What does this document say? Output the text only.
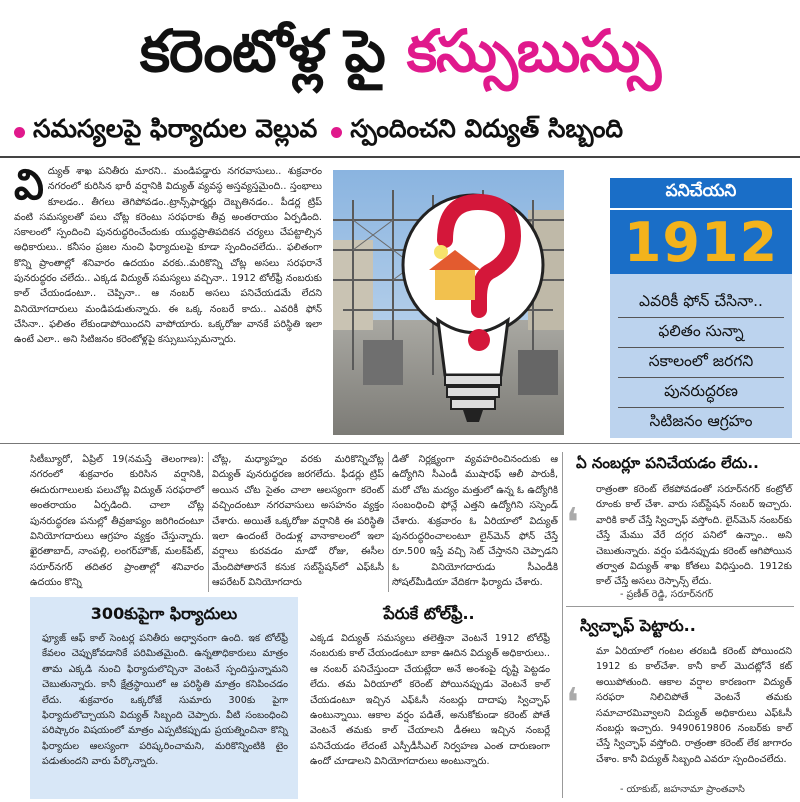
కరెంటోళ్ల పై కస్సుబుస్సు
సమస్యలపై ఫిర్యాదుల వెల్లువ స్పందించని విద్యుత్ సిబ్బంది
వి ద్యుత్ శాఖ పనితీరు మారని.. మండిపడ్డారు నగరవాసులు.. శుక్రవారం నగరంలో కురిసిన భారీ వర్షానికి విద్యుత్ వ్యవస్థ అస్తవ్యస్తమైంది.. స్తంభాలు కూలడం.. తీగలు తెగిపోవడం..ట్రాన్స్‌ఫార్మర్లు దెబ్బతినడం.. పీడర్ల ట్రిప్ వంటి సమస్యలతో పలు చోట్ల కరెంటు సరఫరాకు తీవ్ర అంతరాయం ఏర్పడింది. సకాలంలో స్పందించి పునరుద్ధరించేందుకు యుద్ధప్రాతిపదికన చర్యలు చేపట్టాల్సిన అధికారులు.. కనీసం ప్రజల నుంచి ఫిర్యాదులపై కూడా స్పందించలేదు.. ఫలితంగా కొన్ని ప్రాంతాల్లో శనివారం ఉదయం వరకు..మరికొన్ని చోట్ల అసలు సరఫరానే పునరుద్ధరం చలేదు.. ఎక్కడ విద్యుత్ సమస్యలు వచ్చినా.. 1912 టోల్‌ఫ్రీ నంబరుకు కాల్ చేయండంటూ.. చెప్పినా.. ఆ నంబర్ అసలు పనిచేయడమే లేదని వినియోగదారులు మండిపడుతున్నారు. ఈ ఒక్క నంబరే కాదు.. ఎవరికీ ఫోన్ చేసినా.. ఫలితం లేకుండాపోయిందని వాపోయారు. ఒక్కరోజు వానకే పరిస్థితి ఇలా ఉంటే ఎలా.. అని సిటిజనం కరెంటోళ్లపై కస్సుబుస్సుమన్నారు.
పనిచేయని
1912
ఎవరికీ ఫోన్ చేసినా..
ఫలితం సున్నా
సకాలంలో జరగని
పునరుద్ధరణ
సిటిజనం ఆగ్రహం
సిటీబ్యూరో, ఏప్రిల్ 19(నమస్తే తెలంగాణ): నగరంలో శుక్రవారం కురిసిన వర్షానికి, ఈదురుగాలులకు పలుచోట్ల విద్యుత్ సరఫరాలో అంతరాయం ఏర్పడింది. చాలా చోట్ల పునరుద్ధరణ పనుల్లో తీవ్రజాప్యం జరిగిందంటూ వినియోగదారులు ఆగ్రహం వ్యక్తం చేస్తున్నారు. ఖైరతాబాద్, నాంపల్లి, లంగర్‌హౌజ్, మలక్‌పేట్, సరూర్‌నగర్ తదితర ప్రాంతాల్లో శనివారం ఉదయం కొన్ని
చోట్ల, మధ్యాహ్నం వరకు మరికొన్నిచోట్ల విద్యుత్ పునరుద్ధరణ జరగలేదు. ఫీడర్లు ట్రిప్ అయిన చోట సైతం చాలా ఆలస్యంగా కరెంట్ వచ్చిందంటూ నగరవాసులు అసహనం వ్యక్తం చేశారు. అయితే ఒక్కరోజు వర్షానికి ఈ పరిస్థితి ఇలా ఉందంటే రెండుళ్ల వానాకాలంలో ఇలా వర్షాలు కురవడం మాడో రోజు, ఈసీల మేందిపోతారనే కనుక సబ్‌స్టేషన్‌లో ఎఫ్ఓసీ ఆపరేటర్ వినియోగదారు
డితో నిర్లక్ష్యంగా వ్యవహరించినందుకు ఆ ఉద్యోగిని సీఎండీ ముషారఫ్ ఆలీ పారుకీ, మరో చోట మద్యం మత్తులో ఉన్న ఓ ఉద్యోగికి సంబంధించి ఫోన్లే ఎత్తని ఉద్యోగిని సస్పెండ్ చేశారు. శుక్రవారం ఓ ఏరియాలో విద్యుత్ పునరుద్ధరించాలంటూ లైన్‌మెన్ ఫోన్ చేస్తే రూ.500 ఇస్తే వచ్చి సెట్ చేస్తానని చెప్పాడని ఓ వినియోగదారుడు సీఎండీకి సోషల్‌మీడియా వేదికగా ఫిర్యాదు చేశారు.
ఏ నంబర్లూ పనిచేయడం లేదు..
❛
రాత్రంతా కరెంట్ లేకపోవడంతో సరూర్‌నగర్ కంట్రోల్ రూంకు కాల్ చేశా. వారు సబ్‌స్టేషన్ నంబర్ ఇచ్చారు. వారికి కాల్ చేస్తే స్విచ్ఛాఫ్ వస్తోంది. లైన్‌మెన్ నంబర్‌కు చేస్తే మేము వేరే దగ్గర పనిలో ఉన్నాం.. అని చెబుతున్నారు. వర్షం పడినప్పుడు కరెంట్ ఆగిపోయిన తర్వాత విద్యుత్ శాఖ కోతలు విధిస్తుంది. 1912కు కాల్ చేస్తే అసలు రెస్పాన్స్ లేదు.
- ప్రణీత్ రెడ్డి, సరూర్‌నగర్
స్విచ్ఛాఫ్ పెట్టారు..
❛
మా ఏరియాలో గంటల తరబడి కరెంట్ పోయిందని 1912 కు కాల్‌చేశా. కానీ కాల్ మొదట్లోనే కట్ అయిపోతుంది. ఆకాల వర్షాల కారణంగా విద్యుత్ సరఫరా నిలిచిపోతే వెంటనే తమకు సమాచారమివ్వాలని విద్యుత్ అధికారులు ఎఫ్ఓసీ నంబర్లు ఇచ్చారు. 9490619806 నంబర్‌కు కాల్ చేస్తే స్విచ్ఛాఫ్ వస్తోంది. రాత్రంతా కరెంట్ లేక జాగారం చేశాం. కానీ విద్యుత్ సిబ్బంది ఎవరూ స్పందించలేదు.
- యాకుబ్, జహనామా ప్రాంతవాసి
300కుపైగా ఫిర్యాదులు
ఫ్యూజ్ ఆఫ్ కాల్ సెంటర్ల పనితీరు అధ్వానంగా ఉంది. ఇక టోల్‌ఫ్రీ కేవలం చెప్పుకోవడానికే పరిమితమైంది. ఉన్నతాధికారులు మాత్రం తామ ఎక్కడి నుంచి ఫిర్యాదులొచ్చినా వెంటనే స్పందిస్తున్నామని చెబుతున్నారు. కానీ క్షేత్రస్థాయిలో ఆ పరిస్థితి మాత్రం కనిపించడం లేదు. శుక్రవారం ఒక్కరోజే సుమారు 300కు పైగా ఫిర్యాదులొచ్చాయని విద్యుత్ సిబ్బంది చెప్పారు. వీటి సంబంధించి పరిష్కారం విషయంలో మాత్రం ఎప్పటికప్పుడు ప్రయత్నించినా కొన్ని ఫిర్యాదుల ఆలస్యంగా పరిష్కరించామని, మరికొన్నింటికి టైం పడుతుందని వారు పేర్కొన్నారు.
పేరుకే టోల్‌ఫ్రీ..
ఎక్కడ విద్యుత్ సమస్యలు తలెత్తినా వెంటనే 1912 టోల్‌ఫ్రీ నంబరుకు కాల్ చేయండంటూ బాకా ఊదిన విద్యుత్ అధికారులు.. ఆ నంబర్ పనిచేస్తుందా చేయట్లేదా అనే అంశంపై దృష్టి పెట్టడం లేదు. తమ ఏరియాలో కరెంట్ పోయినప్పుడు వెంటనే కాల్ చేయడంటూ ఇచ్చిన ఎఫ్ఓసీ నంబర్లు దాదాపు స్విచ్ఛాఫ్ ఉంటున్నాయి. ఆకాల వర్షం పడితే, అనుకోకుండా కరెంట్ పోతే వెంటనే తమకు కాల్ చేయాలని డీఈలు ఇచ్చిన నంబర్లే పనిచేయడం లేదంటే ఎస్పీడీసీఎల్ నిర్వహణ ఎంత దారుణంగా ఉందో చూడాలని వినియోగదారులు అంటున్నారు.
